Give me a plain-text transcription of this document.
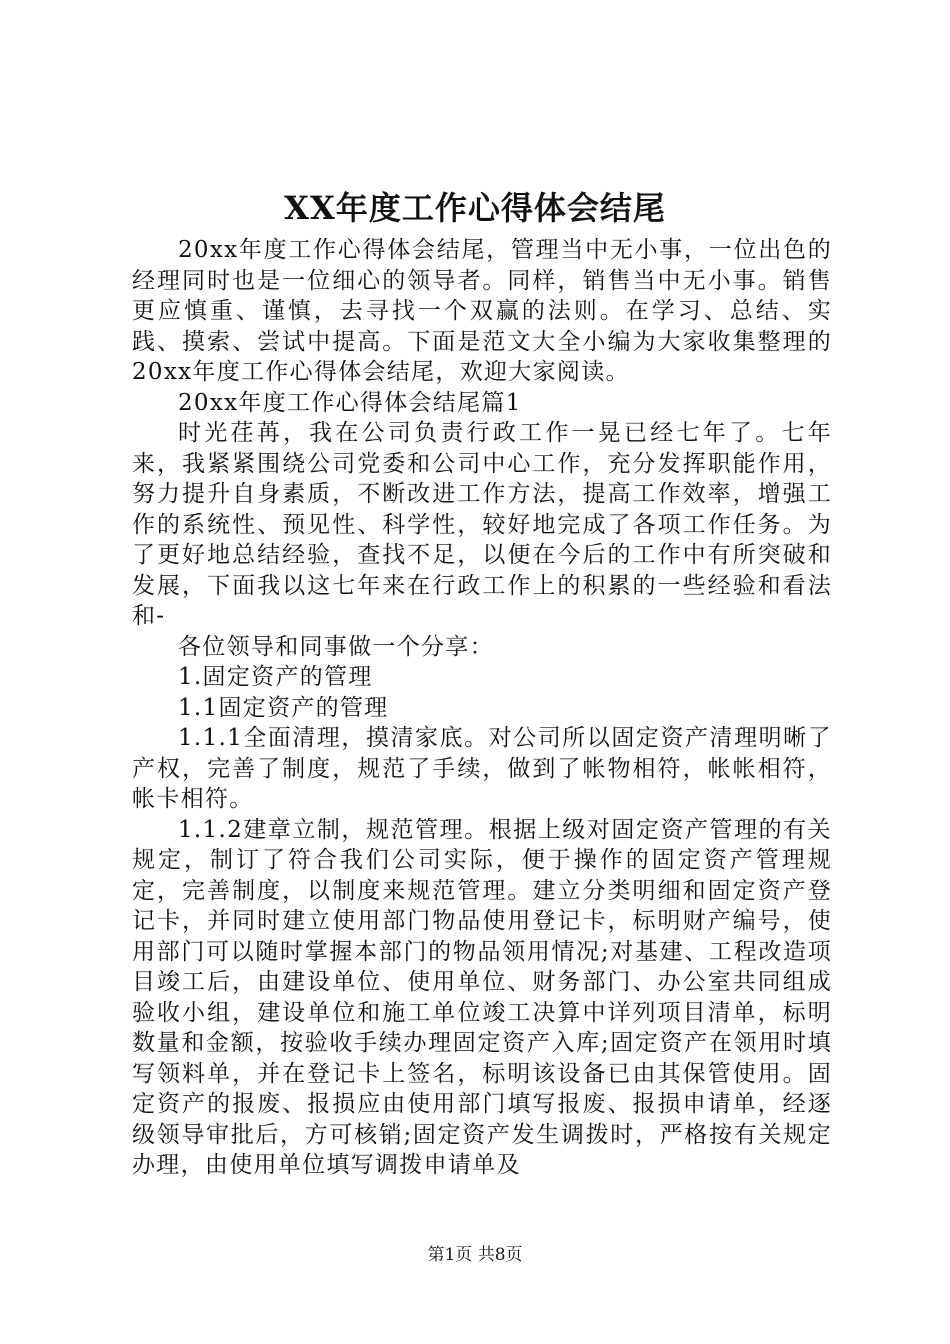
XX年度工作心得体会结尾

20xx年度工作心得体会结尾，管理当中无小事，一位出色的经理同时也是一位细心的领导者。同样，销售当中无小事。销售更应慎重、谨慎，去寻找一个双赢的法则。在学习、总结、实践、摸索、尝试中提高。下面是范文大全小编为大家收集整理的20xx年度工作心得体会结尾，欢迎大家阅读。

20xx年度工作心得体会结尾篇1

时光荏苒，我在公司负责行政工作一晃已经七年了。七年来，我紧紧围绕公司党委和公司中心工作，充分发挥职能作用，努力提升自身素质，不断改进工作方法，提高工作效率，增强工作的系统性、预见性、科学性，较好地完成了各项工作任务。为了更好地总结经验，查找不足，以便在今后的工作中有所突破和发展，下面我以这七年来在行政工作上的积累的一些经验和看法和-

各位领导和同事做一个分享：

1.固定资产的管理

1.1固定资产的管理

1.1.1全面清理，摸清家底。对公司所以固定资产清理明晰了产权，完善了制度，规范了手续，做到了帐物相符，帐帐相符，帐卡相符。

1.1.2建章立制，规范管理。根据上级对固定资产管理的有关规定，制订了符合我们公司实际，便于操作的固定资产管理规定，完善制度，以制度来规范管理。建立分类明细和固定资产登记卡，并同时建立使用部门物品使用登记卡，标明财产编号，使用部门可以随时掌握本部门的物品领用情况;对基建、工程改造项目竣工后，由建设单位、使用单位、财务部门、办公室共同组成验收小组，建设单位和施工单位竣工决算中详列项目清单，标明数量和金额，按验收手续办理固定资产入库;固定资产在领用时填写领料单，并在登记卡上签名，标明该设备已由其保管使用。固定资产的报废、报损应由使用部门填写报废、报损申请单，经逐级领导审批后，方可核销;固定资产发生调拨时，严格按有关规定办理，由使用单位填写调拨申请单及

第1页 共8页
